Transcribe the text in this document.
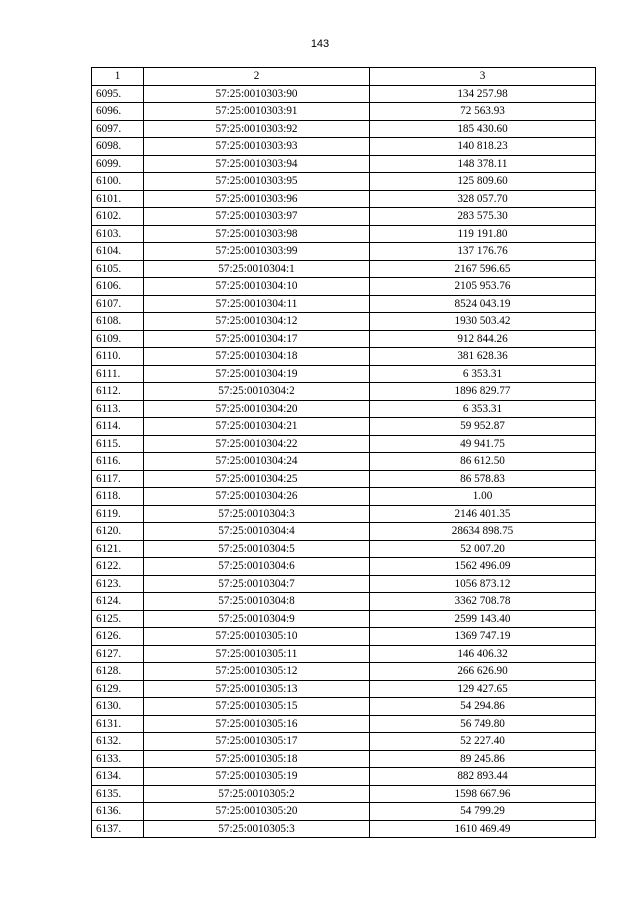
143
1	2	3
6095.	57:25:0010303:90	134 257.98
6096.	57:25:0010303:91	72 563.93
6097.	57:25:0010303:92	185 430.60
6098.	57:25:0010303:93	140 818.23
6099.	57:25:0010303:94	148 378.11
6100.	57:25:0010303:95	125 809.60
6101.	57:25:0010303:96	328 057.70
6102.	57:25:0010303:97	283 575.30
6103.	57:25:0010303:98	119 191.80
6104.	57:25:0010303:99	137 176.76
6105.	57:25:0010304:1	2167 596.65
6106.	57:25:0010304:10	2105 953.76
6107.	57:25:0010304:11	8524 043.19
6108.	57:25:0010304:12	1930 503.42
6109.	57:25:0010304:17	912 844.26
6110.	57:25:0010304:18	381 628.36
6111.	57:25:0010304:19	6 353.31
6112.	57:25:0010304:2	1896 829.77
6113.	57:25:0010304:20	6 353.31
6114.	57:25:0010304:21	59 952.87
6115.	57:25:0010304:22	49 941.75
6116.	57:25:0010304:24	86 612.50
6117.	57:25:0010304:25	86 578.83
6118.	57:25:0010304:26	1.00
6119.	57:25:0010304:3	2146 401.35
6120.	57:25:0010304:4	28634 898.75
6121.	57:25:0010304:5	52 007.20
6122.	57:25:0010304:6	1562 496.09
6123.	57:25:0010304:7	1056 873.12
6124.	57:25:0010304:8	3362 708.78
6125.	57:25:0010304:9	2599 143.40
6126.	57:25:0010305:10	1369 747.19
6127.	57:25:0010305:11	146 406.32
6128.	57:25:0010305:12	266 626.90
6129.	57:25:0010305:13	129 427.65
6130.	57:25:0010305:15	54 294.86
6131.	57:25:0010305:16	56 749.80
6132.	57:25:0010305:17	52 227.40
6133.	57:25:0010305:18	89 245.86
6134.	57:25:0010305:19	882 893.44
6135.	57:25:0010305:2	1598 667.96
6136.	57:25:0010305:20	54 799.29
6137.	57:25:0010305:3	1610 469.49
